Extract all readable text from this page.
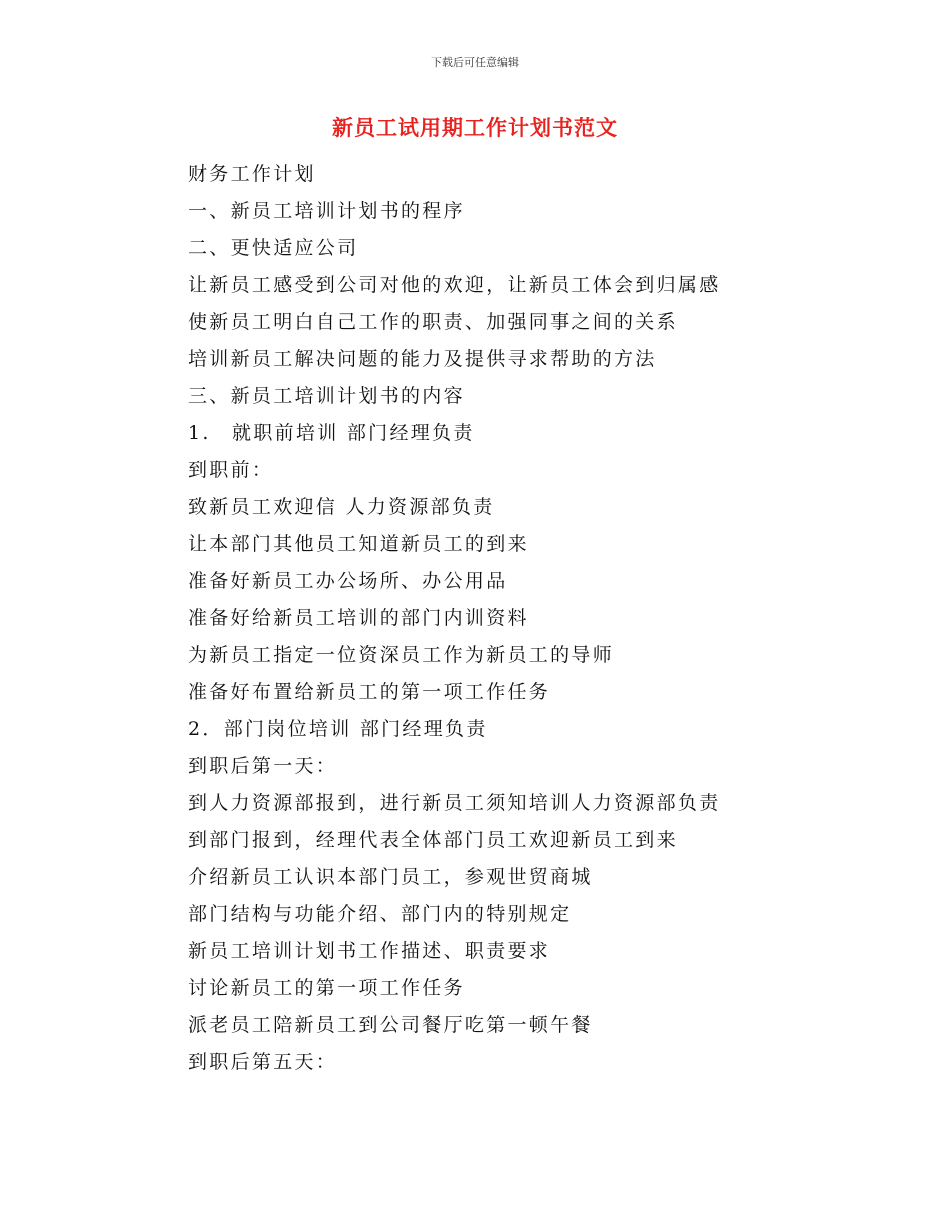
下载后可任意编辑
新员工试用期工作计划书范文
财务工作计划
一、新员工培训计划书的程序
二、更快适应公司
让新员工感受到公司对他的欢迎，让新员工体会到归属感
使新员工明白自己工作的职责、加强同事之间的关系
培训新员工解决问题的能力及提供寻求帮助的方法
三、新员工培训计划书的内容
1.　就职前培训 部门经理负责
到职前：
致新员工欢迎信 人力资源部负责
让本部门其他员工知道新员工的到来
准备好新员工办公场所、办公用品
准备好给新员工培训的部门内训资料
为新员工指定一位资深员工作为新员工的导师
准备好布置给新员工的第一项工作任务
2．部门岗位培训 部门经理负责
到职后第一天：
到人力资源部报到，进行新员工须知培训人力资源部负责
到部门报到，经理代表全体部门员工欢迎新员工到来
介绍新员工认识本部门员工，参观世贸商城
部门结构与功能介绍、部门内的特别规定
新员工培训计划书工作描述、职责要求
讨论新员工的第一项工作任务
派老员工陪新员工到公司餐厅吃第一顿午餐
到职后第五天：
